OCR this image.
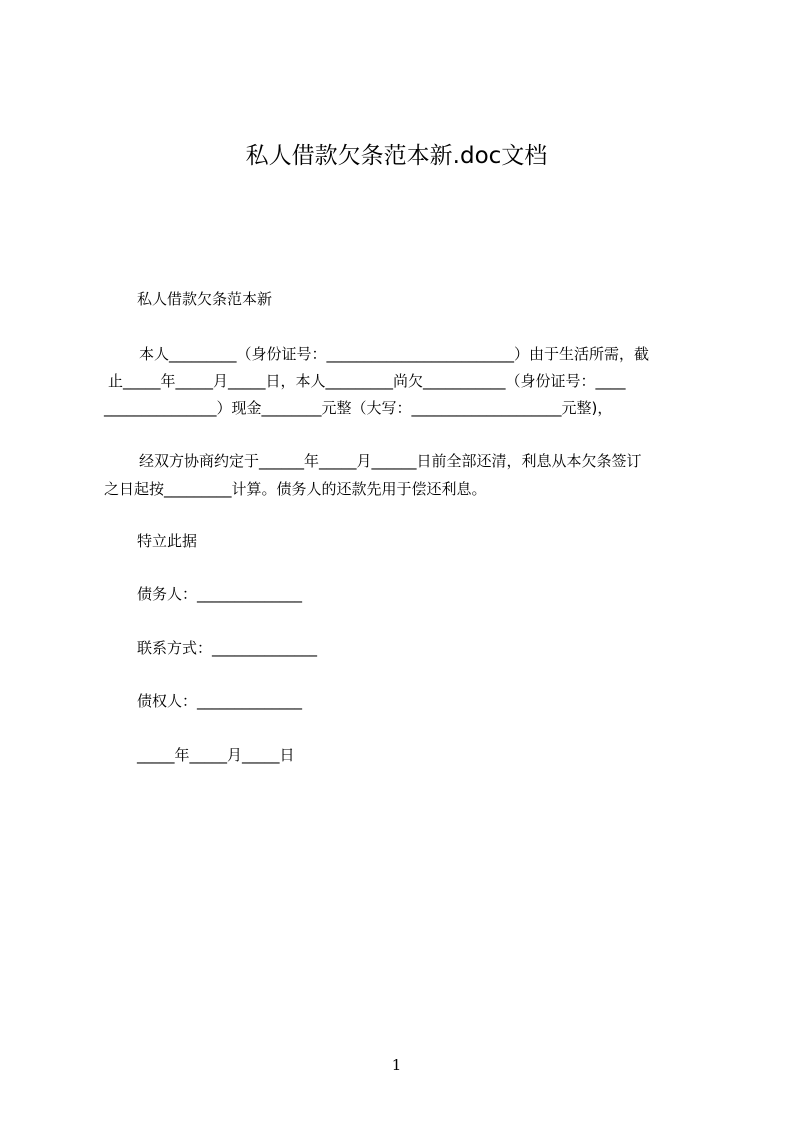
私人借款欠条范本新.doc文档
私人借款欠条范本新
本人_________（身份证号：_________________________）由于生活所需，截
止_____年_____月_____日，本人_________尚欠___________（身份证号：____
_______________）现金________元整（大写：____________________元整)，
经双方协商约定于______年_____月______日前全部还清，利息从本欠条签订
之日起按_________计算。债务人的还款先用于偿还利息。
特立此据
债务人：______________
联系方式：______________
债权人：______________
_____年_____月_____日
1
